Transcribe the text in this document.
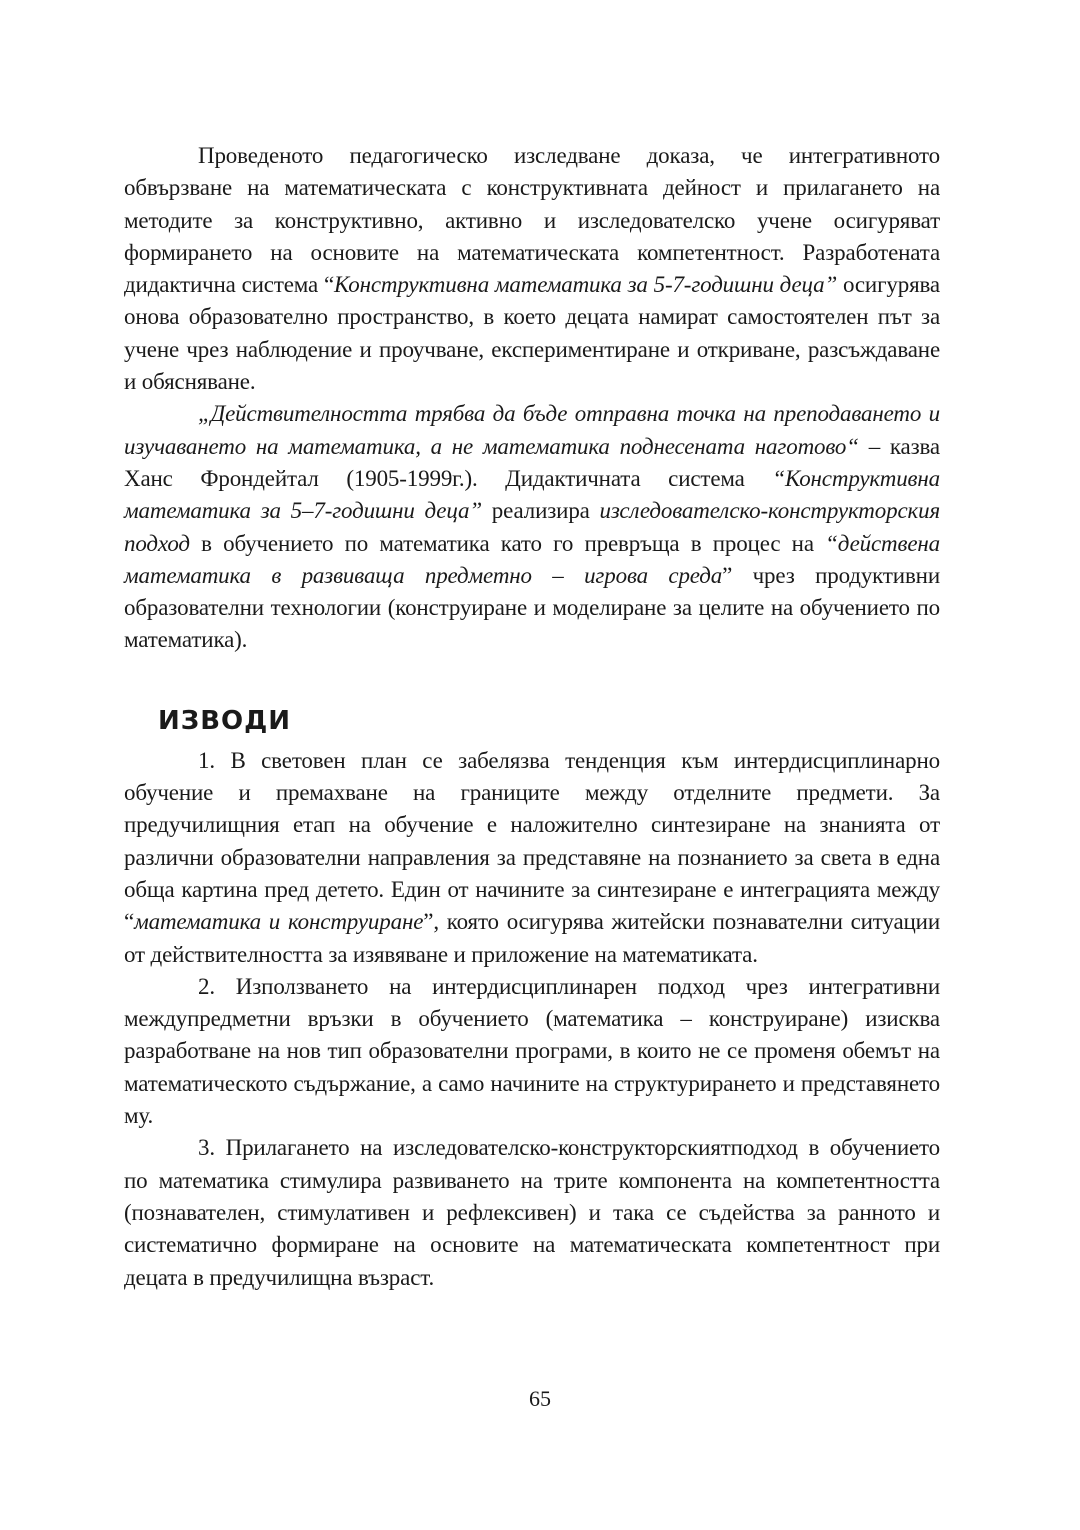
Проведеното педагогическо изследване доказа, че интегративното обвързване на математическата с конструктивната дейност и прилагането на методите за конструктивно, активно и изследователско учене осигуряват формирането на основите на математическата компетентност. Разработената дидактична система “Конструктивна математика за 5-7-годишни деца” осигурява онова образователно пространство, в което децата намират самостоятелен път за учене чрез наблюдение и проучване, експериментиране и откриване, разсъждаване и обясняване.

„Действителността трябва да бъде отправна точка на преподаването и изучаването на математика, а не математика поднесената наготово“ – казва Ханс Фрондейтал (1905-1999г.). Дидактичната система “Конструктивна математика за 5–7-годишни деца” реализира изследователско-конструкторския подход в обучението по математика като го превръща в процес на “действена математика в развиваща предметно – игрова среда” чрез продуктивни образователни технологии (конструиране и моделиране за целите на обучението по математика).

ИЗВОДИ

1. В световен план се забелязва тенденция към интердисциплинарно обучение и премахване на границите между отделните предмети. За предучилищния етап на обучение е наложително синтезиране на знанията от различни образователни направления за представяне на познанието за света в една обща картина пред детето. Един от начините за синтезиране е интеграцията между “математика и конструиране”, която осигурява житейски познавателни ситуации от действителността за изявяване и приложение на математиката.

2. Използването на интердисциплинарен подход чрез интегративни междупредметни връзки в обучението (математика – конструиране) изисква разработване на нов тип образователни програми, в които не се променя обемът на математическото съдържание, а само начините на структурирането и представянето му.

3. Прилагането на изследователско-конструкторскиятподход в обучението по математика стимулира развиването на трите компонента на компетентността (познавателен, стимулативен и рефлексивен) и така се съдейства за ранното и систематично формиране на основите на математическата компетентност при децата в предучилищна възраст.

65
